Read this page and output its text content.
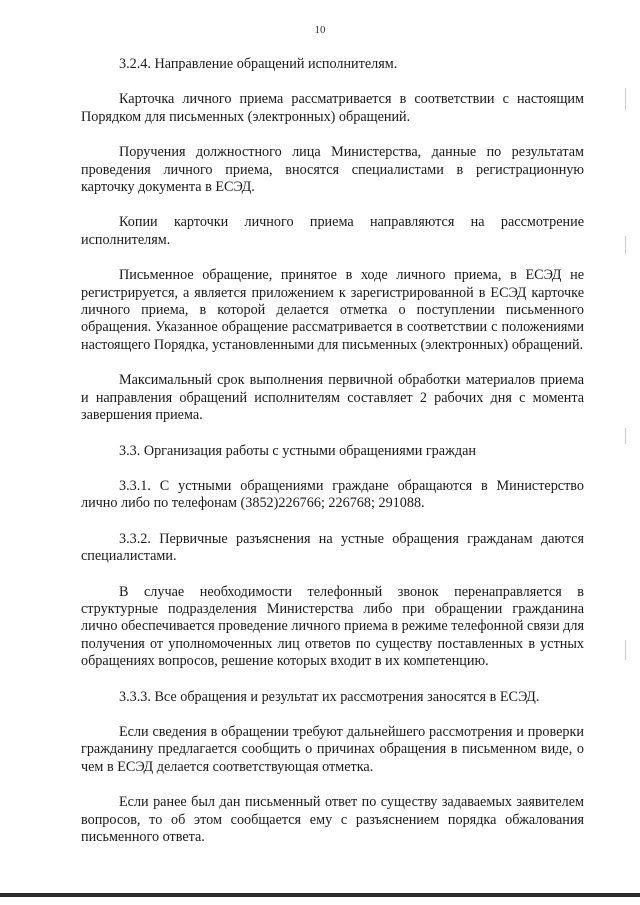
10

3.2.4. Направление обращений исполнителям.

Карточка личного приема рассматривается в соответствии с настоящим Порядком для письменных (электронных) обращений.

Поручения должностного лица Министерства, данные по результатам проведения личного приема, вносятся специалистами в регистрационную карточку документа в ЕСЭД.

Копии карточки личного приема направляются на рассмотрение исполнителям.

Письменное обращение, принятое в ходе личного приема, в ЕСЭД не регистрируется, а является приложением к зарегистрированной в ЕСЭД карточке личного приема, в которой делается отметка о поступлении письменного обращения. Указанное обращение рассматривается в соответствии с положениями настоящего Порядка, установленными для письменных (электронных) обращений.

Максимальный срок выполнения первичной обработки материалов приема и направления обращений исполнителям составляет 2 рабочих дня с момента завершения приема.

3.3. Организация работы с устными обращениями граждан

3.3.1. С устными обращениями граждане обращаются в Министерство лично либо по телефонам (3852)226766; 226768; 291088.

3.3.2. Первичные разъяснения на устные обращения гражданам даются специалистами.

В случае необходимости телефонный звонок перенаправляется в структурные подразделения Министерства либо при обращении гражданина лично обеспечивается проведение личного приема в режиме телефонной связи для получения от уполномоченных лиц ответов по существу поставленных в устных обращениях вопросов, решение которых входит в их компетенцию.

3.3.3. Все обращения и результат их рассмотрения заносятся в ЕСЭД.

Если сведения в обращении требуют дальнейшего рассмотрения и проверки гражданину предлагается сообщить о причинах обращения в письменном виде, о чем в ЕСЭД делается соответствующая отметка.

Если ранее был дан письменный ответ по существу задаваемых заявителем вопросов, то об этом сообщается ему с разъяснением порядка обжалования письменного ответа.
